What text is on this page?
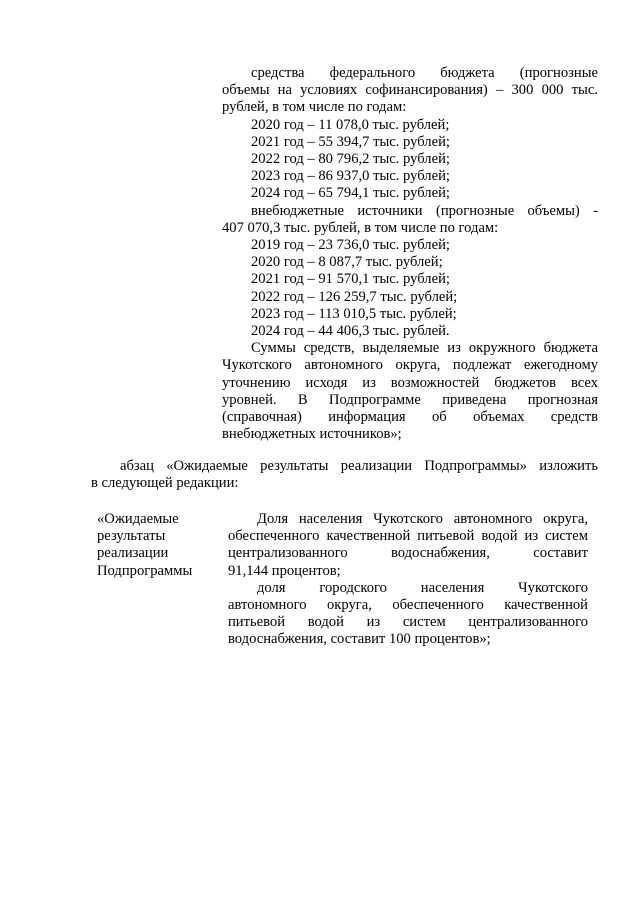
средства федерального бюджета (прогнозные

объемы на условиях софинансирования) – 300 000 тыс.

рублей, в том числе по годам:

2020 год – 11 078,0 тыс. рублей;

2021 год – 55 394,7 тыс. рублей;

2022 год – 80 796,2 тыс. рублей;

2023 год – 86 937,0 тыс. рублей;

2024 год – 65 794,1 тыс. рублей;

внебюджетные источники (прогнозные объемы) -

407 070,3 тыс. рублей, в том числе по годам:

2019 год – 23 736,0 тыс. рублей;

2020 год – 8 087,7 тыс. рублей;

2021 год – 91 570,1 тыс. рублей;

2022 год – 126 259,7 тыс. рублей;

2023 год – 113 010,5 тыс. рублей;

2024 год – 44 406,3 тыс. рублей.

Суммы средств, выделяемые из окружного бюджета

Чукотского автономного округа, подлежат ежегодному

уточнению исходя из возможностей бюджетов всех

уровней. В Подпрограмме приведена прогнозная

(справочная) информация об объемах средств

внебюджетных источников»;

абзац «Ожидаемые результаты реализации Подпрограммы» изложить

в следующей редакции:

«Ожидаемые

результаты

реализации

Подпрограммы

Доля населения Чукотского автономного округа,

обеспеченного качественной питьевой водой из систем

централизованного водоснабжения, составит

91,144 процентов;

доля городского населения Чукотского

автономного округа, обеспеченного качественной

питьевой водой из систем централизованного

водоснабжения, составит 100 процентов»;
